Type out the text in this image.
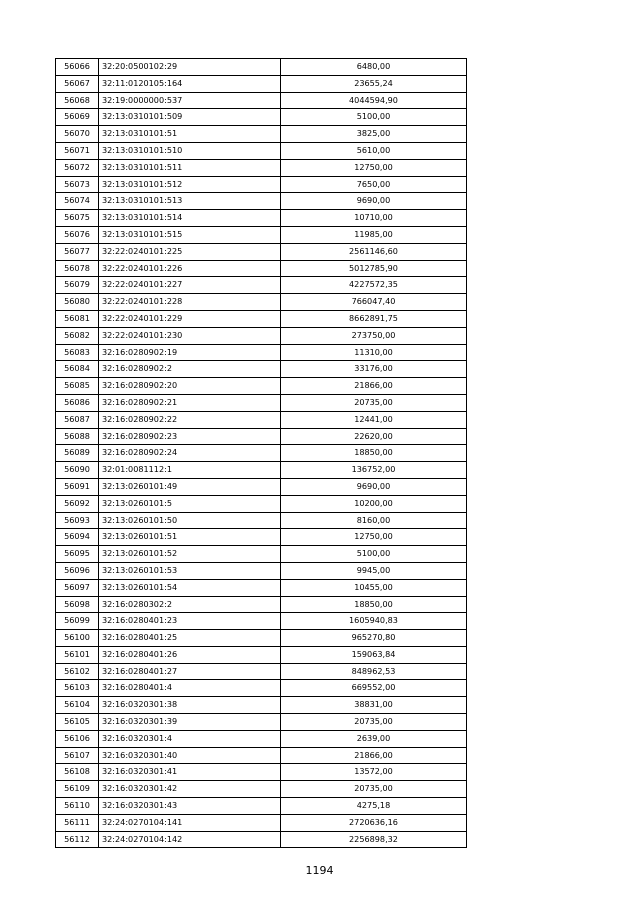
56066	32:20:0500102:29	6480,00
56067	32:11:0120105:164	23655,24
56068	32:19:0000000:537	4044594,90
56069	32:13:0310101:509	5100,00
56070	32:13:0310101:51	3825,00
56071	32:13:0310101:510	5610,00
56072	32:13:0310101:511	12750,00
56073	32:13:0310101:512	7650,00
56074	32:13:0310101:513	9690,00
56075	32:13:0310101:514	10710,00
56076	32:13:0310101:515	11985,00
56077	32:22:0240101:225	2561146,60
56078	32:22:0240101:226	5012785,90
56079	32:22:0240101:227	4227572,35
56080	32:22:0240101:228	766047,40
56081	32:22:0240101:229	8662891,75
56082	32:22:0240101:230	273750,00
56083	32:16:0280902:19	11310,00
56084	32:16:0280902:2	33176,00
56085	32:16:0280902:20	21866,00
56086	32:16:0280902:21	20735,00
56087	32:16:0280902:22	12441,00
56088	32:16:0280902:23	22620,00
56089	32:16:0280902:24	18850,00
56090	32:01:0081112:1	136752,00
56091	32:13:0260101:49	9690,00
56092	32:13:0260101:5	10200,00
56093	32:13:0260101:50	8160,00
56094	32:13:0260101:51	12750,00
56095	32:13:0260101:52	5100,00
56096	32:13:0260101:53	9945,00
56097	32:13:0260101:54	10455,00
56098	32:16:0280302:2	18850,00
56099	32:16:0280401:23	1605940,83
56100	32:16:0280401:25	965270,80
56101	32:16:0280401:26	159063,84
56102	32:16:0280401:27	848962,53
56103	32:16:0280401:4	669552,00
56104	32:16:0320301:38	38831,00
56105	32:16:0320301:39	20735,00
56106	32:16:0320301:4	2639,00
56107	32:16:0320301:40	21866,00
56108	32:16:0320301:41	13572,00
56109	32:16:0320301:42	20735,00
56110	32:16:0320301:43	4275,18
56111	32:24:0270104:141	2720636,16
56112	32:24:0270104:142	2256898,32
1194
